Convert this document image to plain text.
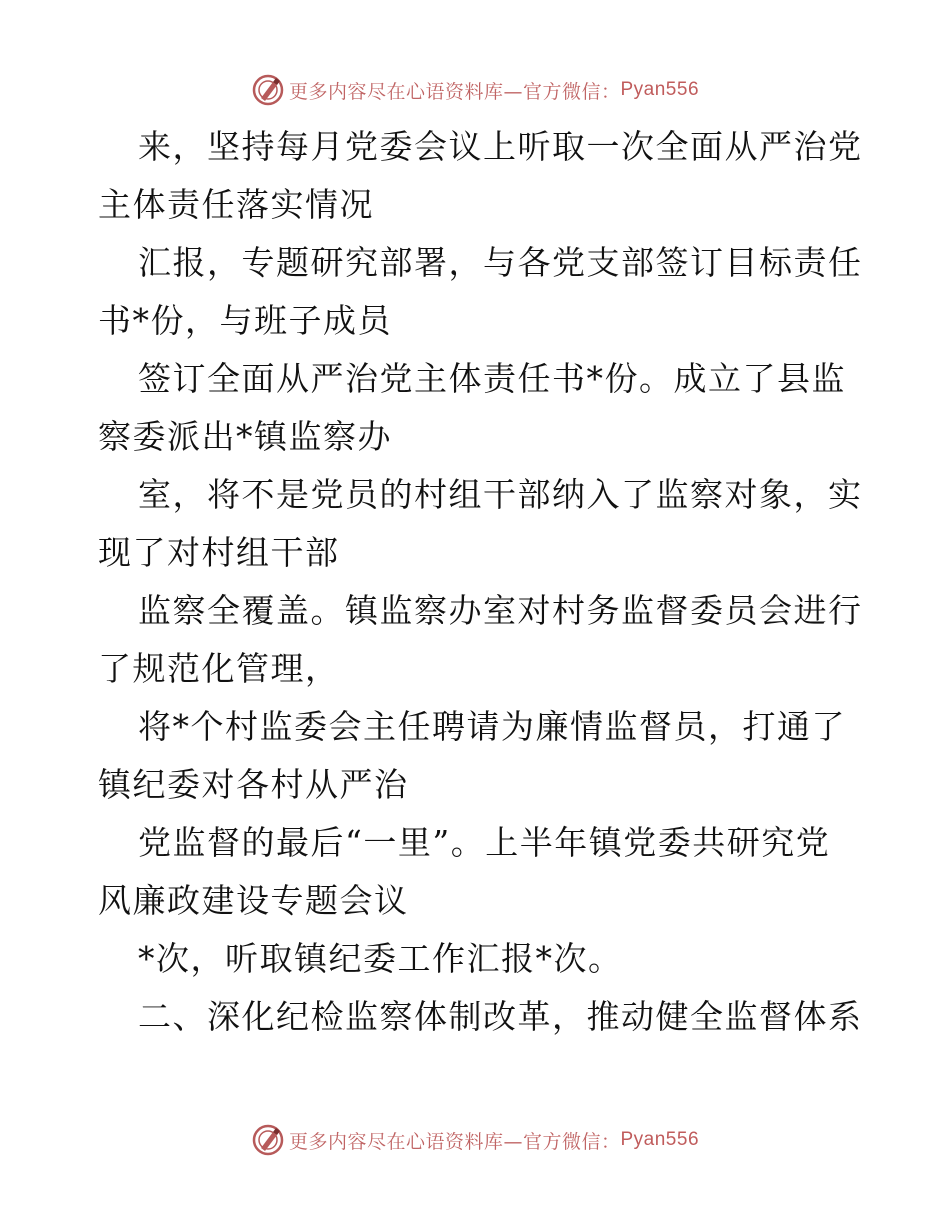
更多内容尽在心语资料库—官方微信： Pyan556
来，坚持每月党委会议上听取一次全面从严治党
主体责任落实情况
汇报，专题研究部署，与各党支部签订目标责任
书*份，与班子成员
签订全面从严治党主体责任书*份。成立了县监
察委派出*镇监察办
室，将不是党员的村组干部纳入了监察对象，实
现了对村组干部
监察全覆盖。镇监察办室对村务监督委员会进行
了规范化管理，
将*个村监委会主任聘请为廉情监督员，打通了
镇纪委对各村从严治
党监督的最后“一里”。上半年镇党委共研究党
风廉政建设专题会议
*次，听取镇纪委工作汇报*次。
二、深化纪检监察体制改革，推动健全监督体系
更多内容尽在心语资料库—官方微信： Pyan556
